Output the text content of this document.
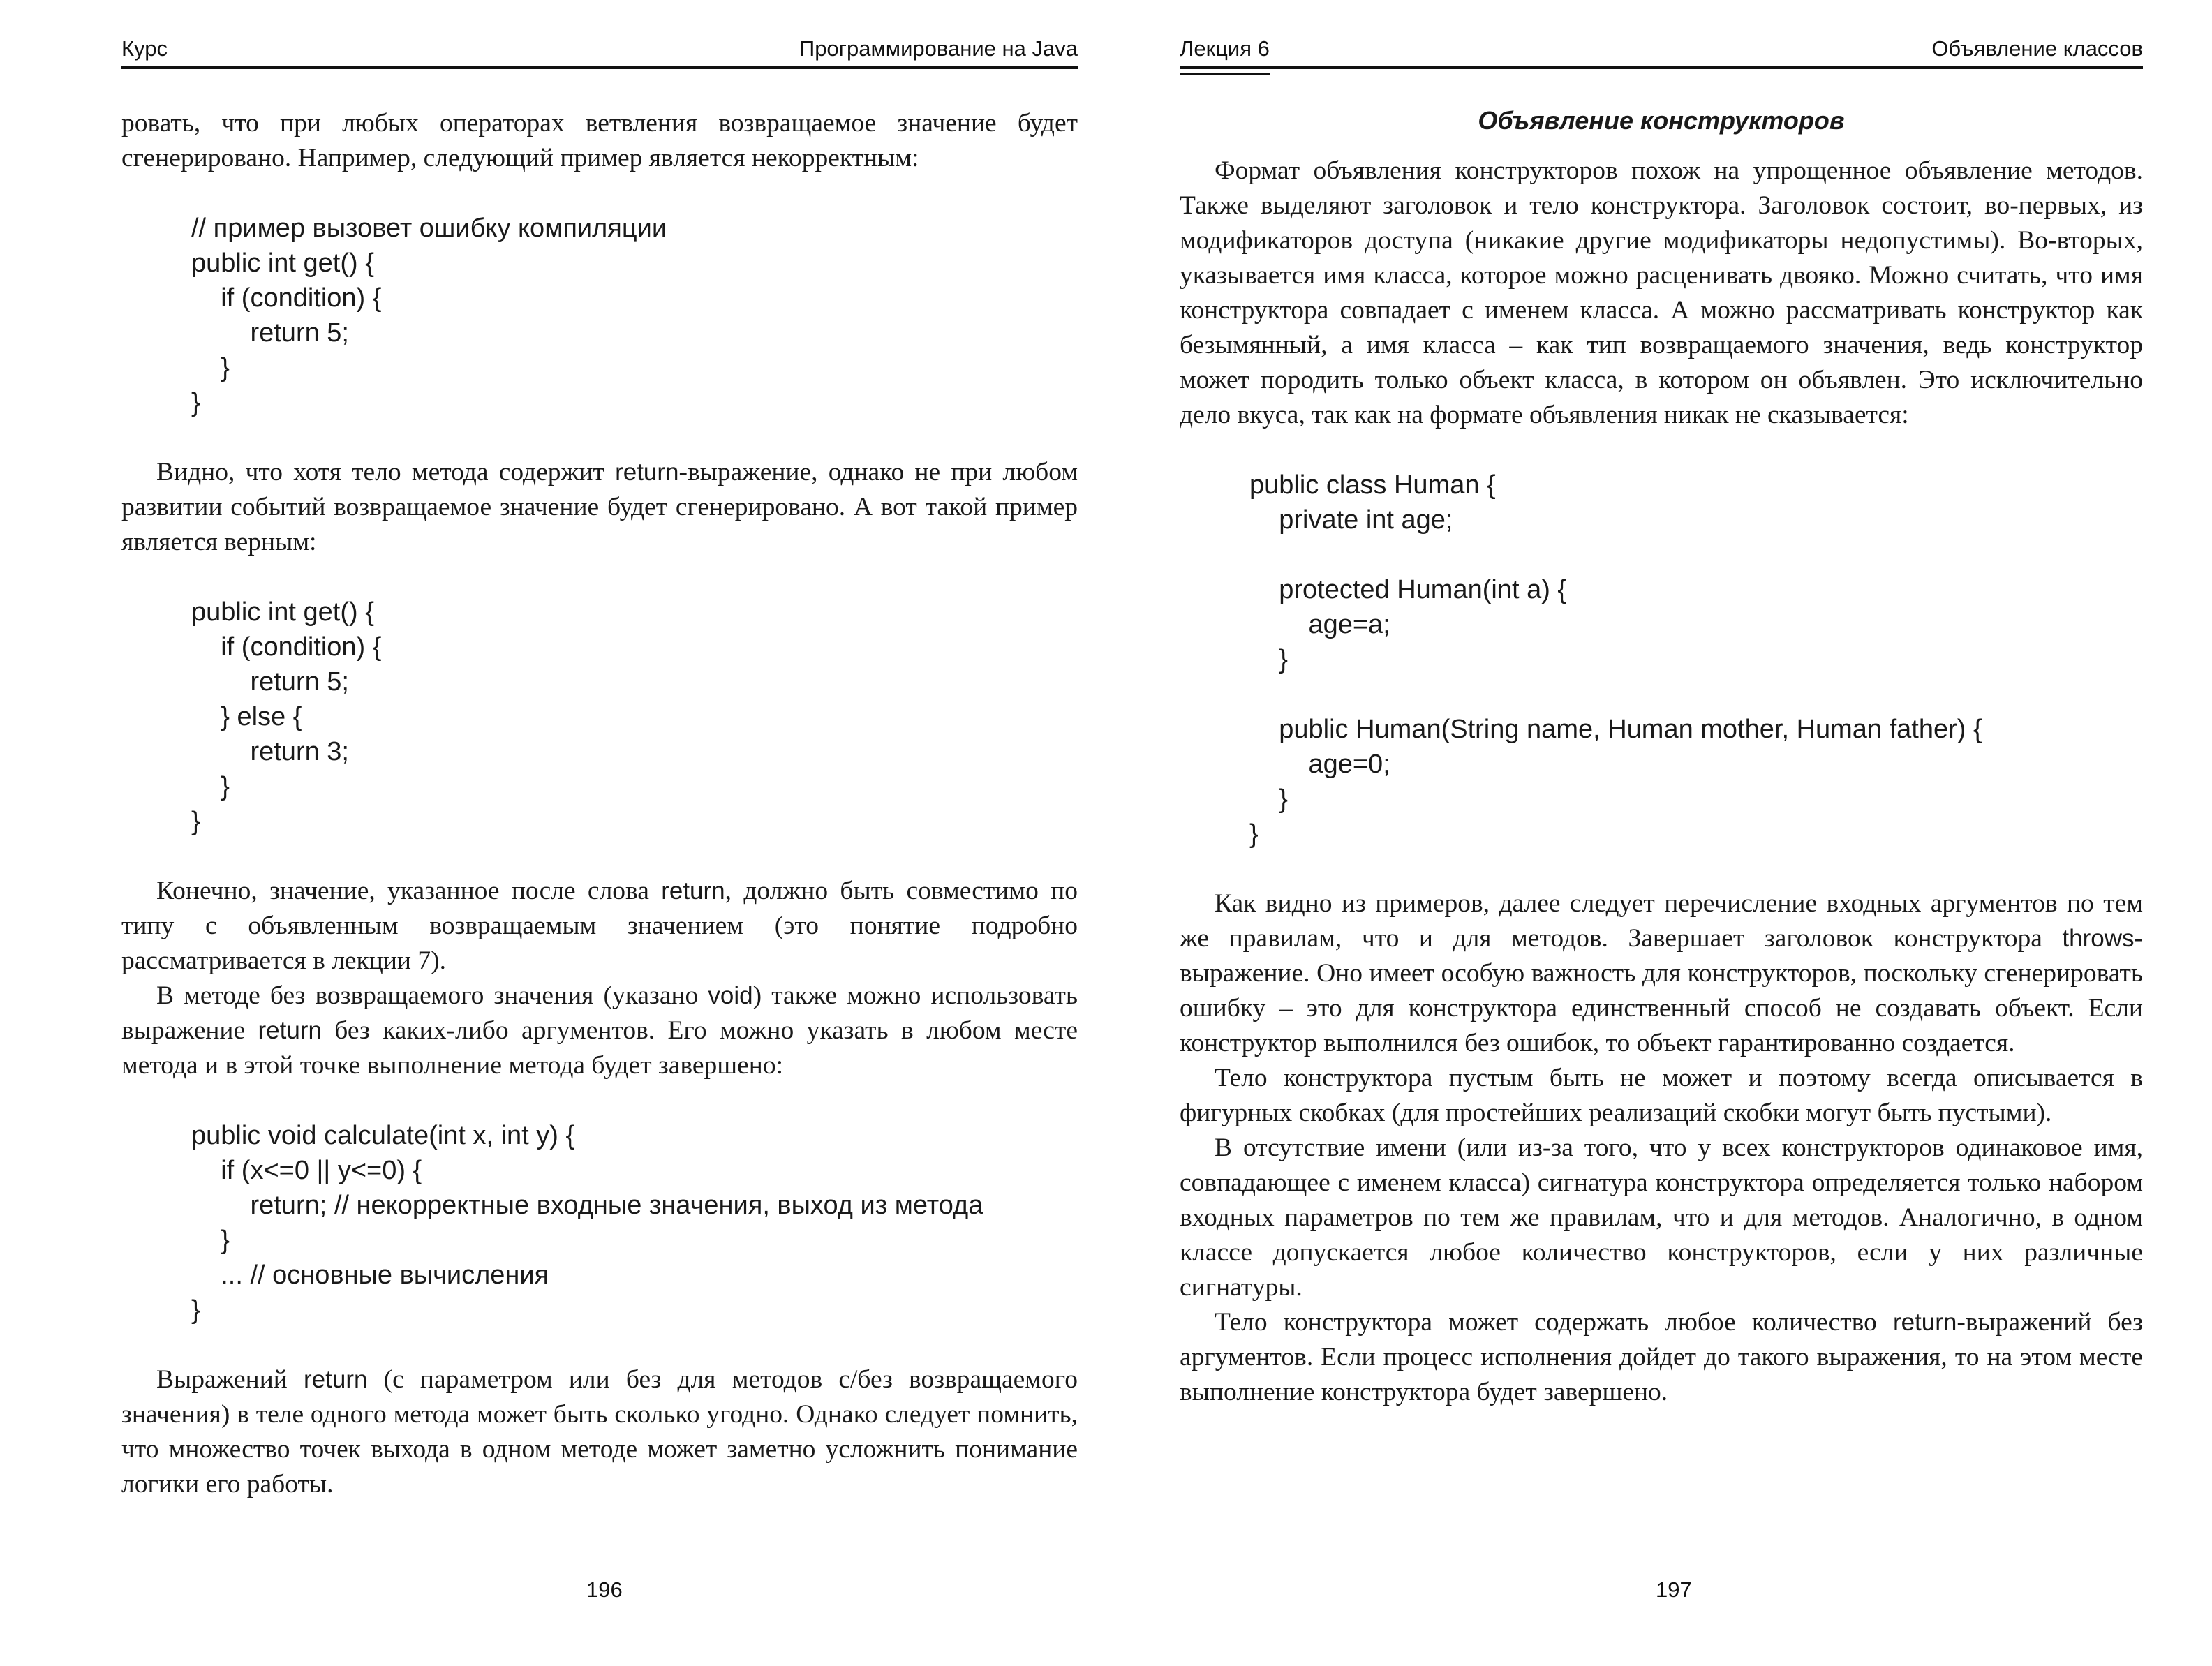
Курс	Программирование на Java

ровать, что при любых операторах ветвления возвращаемое значение будет сгенерировано. Например, следующий пример является некорректным:

// пример вызовет ошибку компиляции
public int get() {
if (condition) {
return 5;
}
}

Видно, что хотя тело метода содержит return-выражение, однако не при любом развитии событий возвращаемое значение будет сгенерировано. А вот такой пример является верным:

public int get() {
if (condition) {
return 5;
} else {
return 3;
}
}

Конечно, значение, указанное после слова return, должно быть совместимо по типу с объявленным возвращаемым значением (это понятие подробно рассматривается в лекции 7).

В методе без возвращаемого значения (указано void) также можно использовать выражение return без каких-либо аргументов. Его можно указать в любом месте метода и в этой точке выполнение метода будет завершено:

public void calculate(int x, int y) {
if (x<=0 || y<=0) {
return; // некорректные входные значения, выход из метода
}
... // основные вычисления
}

Выражений return (с параметром или без для методов с/без возвращаемого значения) в теле одного метода может быть сколько угодно. Однако следует помнить, что множество точек выхода в одном методе может заметно усложнить понимание логики его работы.

196
Лекция 6	Объявление классов
Объявление конструкторов

Формат объявления конструкторов похож на упрощенное объявление методов. Также выделяют заголовок и тело конструктора. Заголовок состоит, во-первых, из модификаторов доступа (никакие другие модификаторы недопустимы). Во-вторых, указывается имя класса, которое можно расценивать двояко. Можно считать, что имя конструктора совпадает с именем класса. А можно рассматривать конструктор как безымянный, а имя класса – как тип возвращаемого значения, ведь конструктор может породить только объект класса, в котором он объявлен. Это исключительно дело вкуса, так как на формате объявления никак не сказывается:

public class Human {
private int age;

protected Human(int a) {
age=a;
}

public Human(String name, Human mother, Human father) {
age=0;
}
}

Как видно из примеров, далее следует перечисление входных аргументов по тем же правилам, что и для методов. Завершает заголовок конструктора throws-выражение. Оно имеет особую важность для конструкторов, поскольку сгенерировать ошибку – это для конструктора единственный способ не создавать объект. Если конструктор выполнился без ошибок, то объект гарантированно создается.

Тело конструктора пустым быть не может и поэтому всегда описывается в фигурных скобках (для простейших реализаций скобки могут быть пустыми).

В отсутствие имени (или из-за того, что у всех конструкторов одинаковое имя, совпадающее с именем класса) сигнатура конструктора определяется только набором входных параметров по тем же правилам, что и для методов. Аналогично, в одном классе допускается любое количество конструкторов, если у них различные сигнатуры.

Тело конструктора может содержать любое количество return-выражений без аргументов. Если процесс исполнения дойдет до такого выражения, то на этом месте выполнение конструктора будет завершено.

197
